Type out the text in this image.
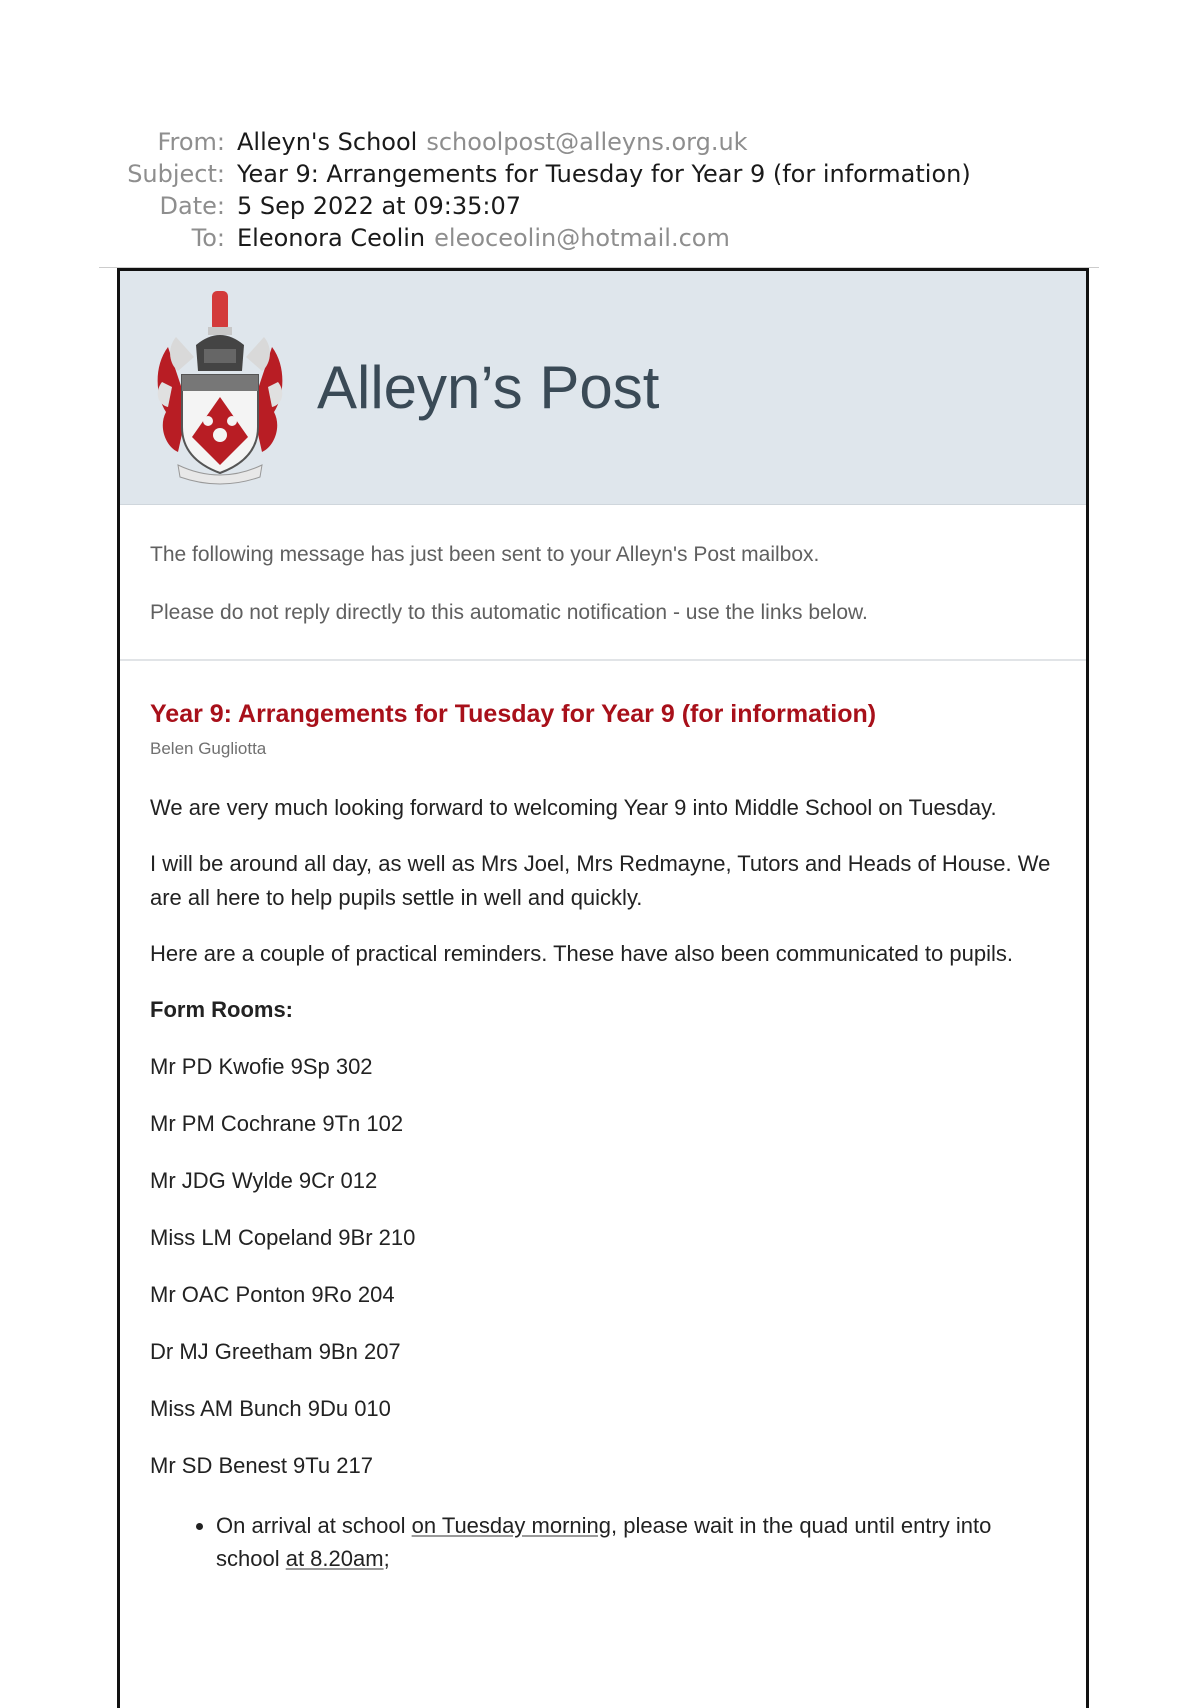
From: Alleyn's School schoolpost@alleyns.org.uk
Subject: Year 9: Arrangements for Tuesday for Year 9 (for information)
Date: 5 Sep 2022 at 09:35:07
To: Eleonora Ceolin eleoceolin@hotmail.com
Alleyn’s Post

The following message has just been sent to your Alleyn's Post mailbox.

Please do not reply directly to this automatic notification - use the links below.

Year 9: Arrangements for Tuesday for Year 9 (for information)
Belen Gugliotta

We are very much looking forward to welcoming Year 9 into Middle School on Tuesday.

I will be around all day, as well as Mrs Joel, Mrs Redmayne, Tutors and Heads of House. We are all here to help pupils settle in well and quickly.

Here are a couple of practical reminders. These have also been communicated to pupils.

Form Rooms:

Mr PD Kwofie 9Sp 302

Mr PM Cochrane 9Tn 102

Mr JDG Wylde 9Cr 012

Miss LM Copeland 9Br 210

Mr OAC Ponton 9Ro 204

Dr MJ Greetham 9Bn 207

Miss AM Bunch 9Du 010

Mr SD Benest 9Tu 217

• On arrival at school on Tuesday morning, please wait in the quad until entry into school at 8.20am;
